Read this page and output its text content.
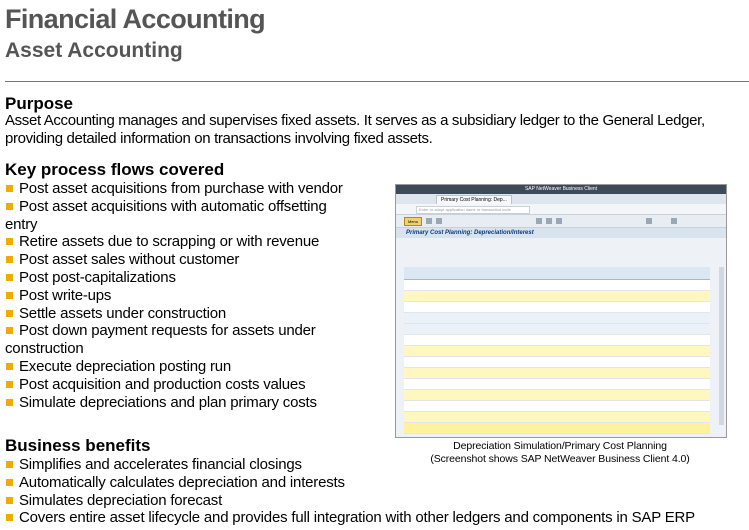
Financial Accounting
Asset Accounting
Purpose
Asset Accounting manages and supervises fixed assets. It serves as a subsidiary ledger to the General Ledger, providing detailed information on transactions involving fixed assets.
Key process flows covered
Post asset acquisitions from purchase with vendor
Post asset acquisitions with automatic offsetting entry
Retire assets due to scrapping or with revenue
Post asset sales without customer
Post post-capitalizations
Post write-ups
Settle assets under construction
Post down payment requests for assets under construction
Execute depreciation posting run
Post acquisition and production costs values
Simulate depreciations and plan primary costs
Business benefits
Simplifies and accelerates financial closings
Automatically calculates depreciation and interests
Simulates depreciation forecast
Covers entire asset lifecycle and provides full integration with other ledgers and components in SAP ERP
SAP NetWeaver Business Client
Primary Cost Planning: Dep...
Enter or adopt application name or transaction code
Menu
Primary Cost Planning: Depreciation/Interest
Depreciation Simulation/Primary Cost Planning
(Screenshot shows SAP NetWeaver Business Client 4.0)
